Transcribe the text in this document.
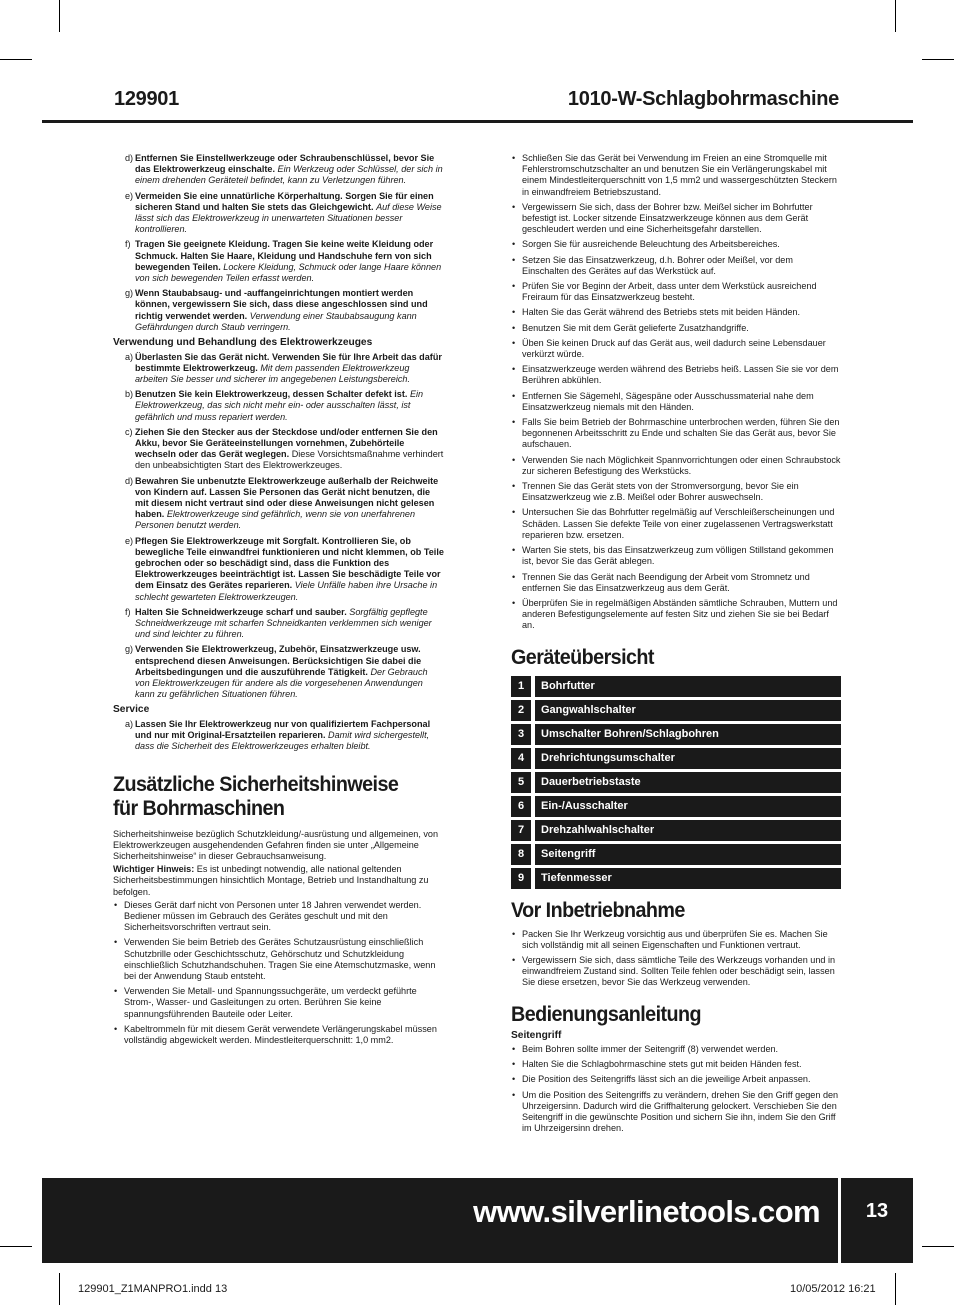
129901	1010-W-Schlagbohrmaschine
d) Entfernen Sie Einstellwerkzeuge oder Schraubenschlüssel, bevor Sie das Elektrowerkzeug einschalte. Ein Werkzeug oder Schlüssel, der sich in einem drehenden Geräteteil befindet, kann zu Verletzungen führen.
e) Vermeiden Sie eine unnatürliche Körperhaltung. Sorgen Sie für einen sicheren Stand und halten Sie stets das Gleichgewicht. Auf diese Weise lässt sich das Elektrowerkzeug in unerwarteten Situationen besser kontrollieren.
f) Tragen Sie geeignete Kleidung. Tragen Sie keine weite Kleidung oder Schmuck. Halten Sie Haare, Kleidung und Handschuhe fern von sich bewegenden Teilen. Lockere Kleidung, Schmuck oder lange Haare können von sich bewegenden Teilen erfasst werden.
g) Wenn Staubabsaug- und -auffangeinrichtungen montiert werden können, vergewissern Sie sich, dass diese angeschlossen sind und richtig verwendet werden. Verwendung einer Staubabsaugung kann Gefährdungen durch Staub verringern.
Verwendung und Behandlung des Elektrowerkzeuges
a) Überlasten Sie das Gerät nicht. Verwenden Sie für Ihre Arbeit das dafür bestimmte Elektrowerkzeug. Mit dem passenden Elektrowerkzeug arbeiten Sie besser und sicherer im angegebenen Leistungsbereich.
b) Benutzen Sie kein Elektrowerkzeug, dessen Schalter defekt ist. Ein Elektrowerkzeug, das sich nicht mehr ein- oder ausschalten lässt, ist gefährlich und muss repariert werden.
c) Ziehen Sie den Stecker aus der Steckdose und/oder entfernen Sie den Akku, bevor Sie Geräteeinstellungen vornehmen, Zubehörteile wechseln oder das Gerät weglegen. Diese Vorsichtsmaßnahme verhindert den unbeabsichtigten Start des Elektrowerkzeuges.
d) Bewahren Sie unbenutzte Elektrowerkzeuge außerhalb der Reichweite von Kindern auf. Lassen Sie Personen das Gerät nicht benutzen, die mit diesem nicht vertraut sind oder diese Anweisungen nicht gelesen haben. Elektrowerkzeuge sind gefährlich, wenn sie von unerfahrenen Personen benutzt werden.
e) Pflegen Sie Elektrowerkzeuge mit Sorgfalt. Kontrollieren Sie, ob bewegliche Teile einwandfrei funktionieren und nicht klemmen, ob Teile gebrochen oder so beschädigt sind, dass die Funktion des Elektrowerkzeuges beeinträchtigt ist. Lassen Sie beschädigte Teile vor dem Einsatz des Gerätes reparieren. Viele Unfälle haben ihre Ursache in schlecht gewarteten Elektrowerkzeugen.
f) Halten Sie Schneidwerkzeuge scharf und sauber. Sorgfältig gepflegte Schneidwerkzeuge mit scharfen Schneidkanten verklemmen sich weniger und sind leichter zu führen.
g) Verwenden Sie Elektrowerkzeug, Zubehör, Einsatzwerkzeuge usw. entsprechend diesen Anweisungen. Berücksichtigen Sie dabei die Arbeitsbedingungen und die auszuführende Tätigkeit. Der Gebrauch von Elektrowerkzeugen für andere als die vorgesehenen Anwendungen kann zu gefährlichen Situationen führen.
Service
a) Lassen Sie Ihr Elektrowerkzeug nur von qualifiziertem Fachpersonal und nur mit Original-Ersatzteilen reparieren. Damit wird sichergestellt, dass die Sicherheit des Elektrowerkzeuges erhalten bleibt.
Zusätzliche Sicherheitshinweise für Bohrmaschinen
Sicherheitshinweise bezüglich Schutzkleidung/-ausrüstung und allgemeinen, von Elektrowerkzeugen ausgehendenden Gefahren finden sie unter „Allgemeine Sicherheitshinweise“ in dieser Gebrauchsanweisung.
Wichtiger Hinweis: Es ist unbedingt notwendig, alle national geltenden Sicherheitsbestimmungen hinsichtlich Montage, Betrieb und Instandhaltung zu befolgen.
• Dieses Gerät darf nicht von Personen unter 18 Jahren verwendet werden. Bediener müssen im Gebrauch des Gerätes geschult und mit den Sicherheitsvorschriften vertraut sein.
• Verwenden Sie beim Betrieb des Gerätes Schutzausrüstung einschließlich Schutzbrille oder Geschichtsschutz, Gehörschutz und Schutzkleidung einschließlich Schutzhandschuhen. Tragen Sie eine Atemschutzmaske, wenn bei der Anwendung Staub entsteht.
• Verwenden Sie Metall- und Spannungssuchgeräte, um verdeckt geführte Strom-, Wasser- und Gasleitungen zu orten. Berühren Sie keine spannungsführenden Bauteile oder Leiter.
• Kabeltrommeln für mit diesem Gerät verwendete Verlängerungskabel müssen vollständig abgewickelt werden. Mindestleiterquerschnitt: 1,0 mm2.
• Schließen Sie das Gerät bei Verwendung im Freien an eine Stromquelle mit Fehlerstromschutzschalter an und benutzen Sie ein Verlängerungskabel mit einem Mindestleiterquerschnitt von 1,5 mm2 und wassergeschützten Steckern in einwandfreiem Betriebszustand.
• Vergewissern Sie sich, dass der Bohrer bzw. Meißel sicher im Bohrfutter befestigt ist. Locker sitzende Einsatzwerkzeuge können aus dem Gerät geschleudert werden und eine Sicherheitsgefahr darstellen.
• Sorgen Sie für ausreichende Beleuchtung des Arbeitsbereiches.
• Setzen Sie das Einsatzwerkzeug, d.h. Bohrer oder Meißel, vor dem Einschalten des Gerätes auf das Werkstück auf.
• Prüfen Sie vor Beginn der Arbeit, dass unter dem Werkstück ausreichend Freiraum für das Einsatzwerkzeug besteht.
• Halten Sie das Gerät während des Betriebs stets mit beiden Händen.
• Benutzen Sie mit dem Gerät gelieferte Zusatzhandgriffe.
• Üben Sie keinen Druck auf das Gerät aus, weil dadurch seine Lebensdauer verkürzt würde.
• Einsatzwerkzeuge werden während des Betriebs heiß. Lassen Sie sie vor dem Berühren abkühlen.
• Entfernen Sie Sägemehl, Sägespäne oder Ausschussmaterial nahe dem Einsatzwerkzeug niemals mit den Händen.
• Falls Sie beim Betrieb der Bohrmaschine unterbrochen werden, führen Sie den begonnenen Arbeitsschritt zu Ende und schalten Sie das Gerät aus, bevor Sie aufschauen.
• Verwenden Sie nach Möglichkeit Spannvorrichtungen oder einen Schraubstock zur sicheren Befestigung des Werkstücks.
• Trennen Sie das Gerät stets von der Stromversorgung, bevor Sie ein Einsatzwerkzeug wie z.B. Meißel oder Bohrer auswechseln.
• Untersuchen Sie das Bohrfutter regelmäßig auf Verschleißerscheinungen und Schäden. Lassen Sie defekte Teile von einer zugelassenen Vertragswerkstatt reparieren bzw. ersetzen.
• Warten Sie stets, bis das Einsatzwerkzeug zum völligen Stillstand gekommen ist, bevor Sie das Gerät ablegen.
• Trennen Sie das Gerät nach Beendigung der Arbeit vom Stromnetz und entfernen Sie das Einsatzwerkzeug aus dem Gerät.
• Überprüfen Sie in regelmäßigen Abständen sämtliche Schrauben, Muttern und anderen Befestigungselemente auf festen Sitz und ziehen Sie sie bei Bedarf an.
Geräteübersicht
1	Bohrfutter
2	Gangwahlschalter
3	Umschalter Bohren/Schlagbohren
4	Drehrichtungsumschalter
5	Dauerbetriebstaste
6	Ein-/Ausschalter
7	Drehzahlwahlschalter
8	Seitengriff
9	Tiefenmesser
Vor Inbetriebnahme
• Packen Sie Ihr Werkzeug vorsichtig aus und überprüfen Sie es. Machen Sie sich vollständig mit all seinen Eigenschaften und Funktionen vertraut.
• Vergewissern Sie sich, dass sämtliche Teile des Werkzeugs vorhanden und in einwandfreiem Zustand sind. Sollten Teile fehlen oder beschädigt sein, lassen Sie diese ersetzen, bevor Sie das Werkzeug verwenden.
Bedienungsanleitung
Seitengriff
• Beim Bohren sollte immer der Seitengriff (8) verwendet werden.
• Halten Sie die Schlagbohrmaschine stets gut mit beiden Händen fest.
• Die Position des Seitengriffs lässt sich an die jeweilige Arbeit anpassen.
• Um die Position des Seitengriffs zu verändern, drehen Sie den Griff gegen den Uhrzeigersinn. Dadurch wird die Griffhalterung gelockert. Verschieben Sie den Seitengriff in die gewünschte Position und sichern Sie ihn, indem Sie den Griff im Uhrzeigersinn drehen.
www.silverlinetools.com	13
129901_Z1MANPRO1.indd 13	10/05/2012 16:21
